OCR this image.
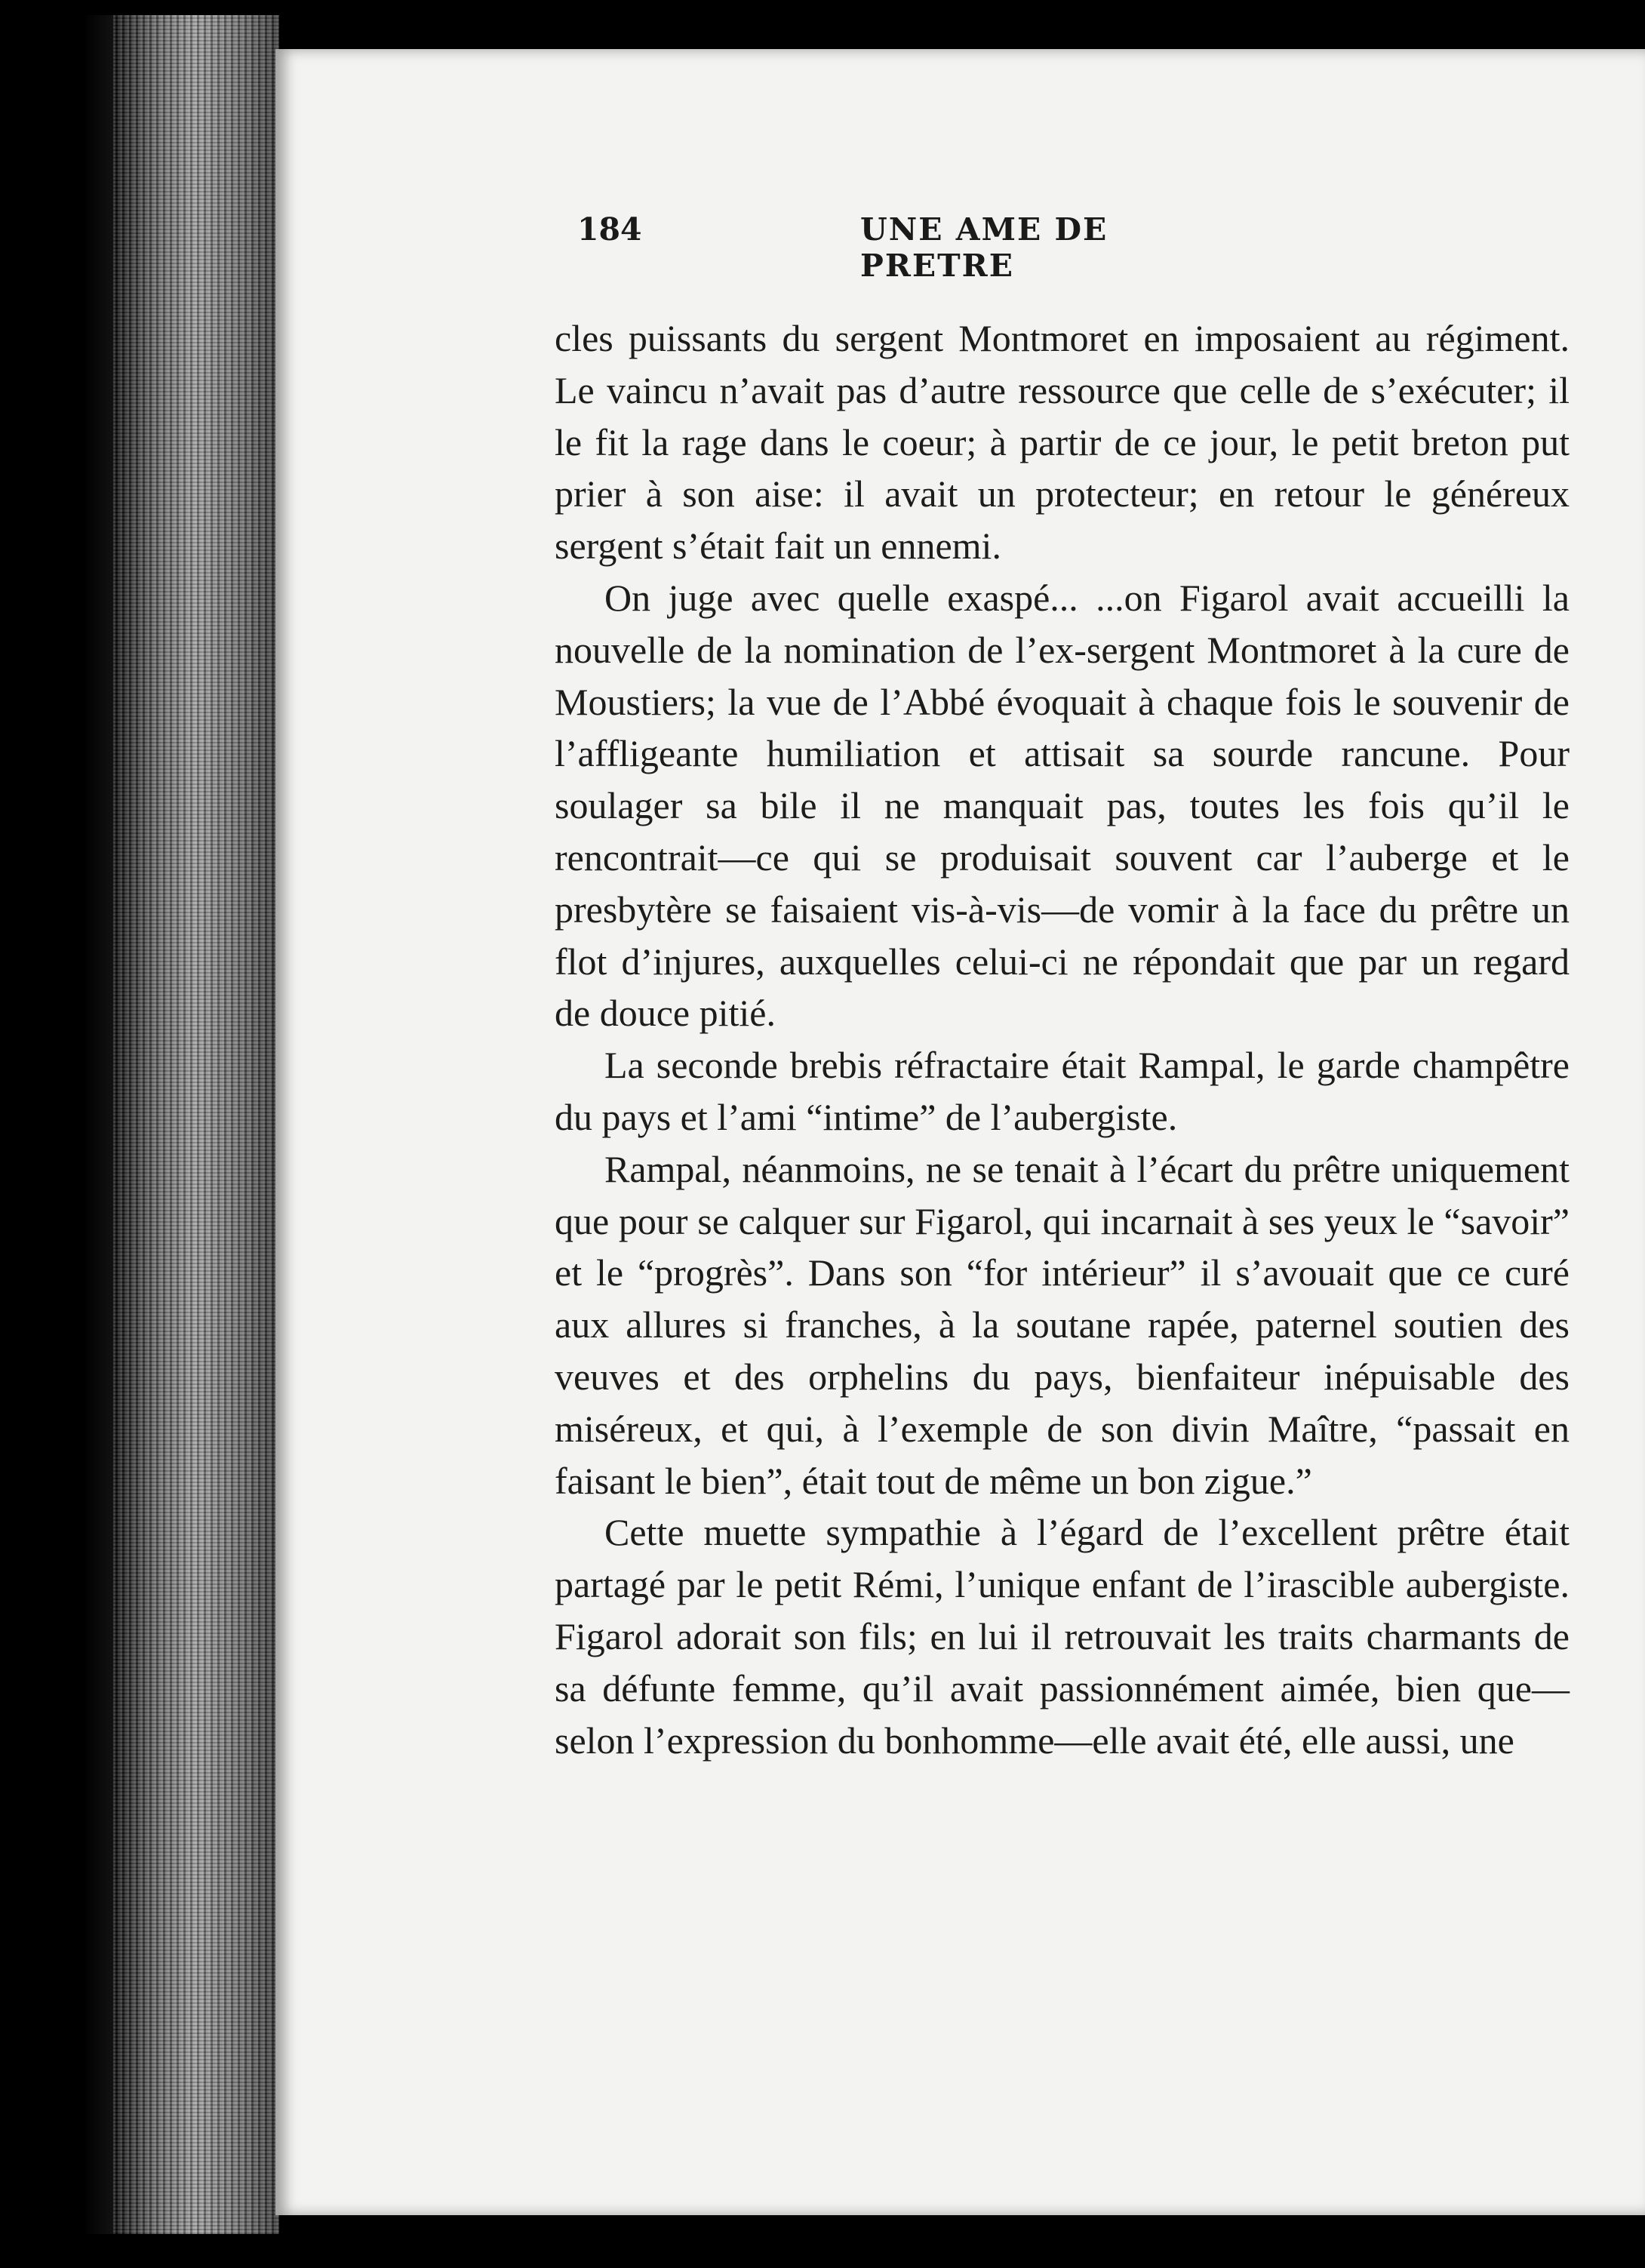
184	UNE AME DE PRETRE

cles puissants du sergent Montmoret en imposaient au régiment. Le vaincu n’avait pas d’autre ressource que celle de s’exécuter; il le fit la rage dans le coeur; à partir de ce jour, le petit breton put prier à son aise: il avait un protecteur; en retour le généreux sergent s’était fait un ennemi.

On juge avec quelle exaspé... ...on Figarol avait accueilli la nouvelle de la nomination de l’ex-sergent Montmoret à la cure de Moustiers; la vue de l’Abbé évoquait à chaque fois le souvenir de l’affligeante humiliation et attisait sa sourde rancune. Pour soulager sa bile il ne manquait pas, toutes les fois qu’il le rencontrait—ce qui se produisait souvent car l’auberge et le presbytère se faisaient vis-à-vis—de vomir à la face du prêtre un flot d’injures, auxquelles celui-ci ne répondait que par un regard de douce pitié.

La seconde brebis réfractaire était Rampal, le garde champêtre du pays et l’ami “intime” de l’aubergiste.

Rampal, néanmoins, ne se tenait à l’écart du prêtre uniquement que pour se calquer sur Figarol, qui incarnait à ses yeux le “savoir” et le “progrès”. Dans son “for intérieur” il s’avouait que ce curé aux allures si franches, à la soutane rapée, paternel soutien des veuves et des orphelins du pays, bienfaiteur inépuisable des miséreux, et qui, à l’exemple de son divin Maître, “passait en faisant le bien”, était tout de même un bon zigue.”

Cette muette sympathie à l’égard de l’excellent prêtre était partagé par le petit Rémi, l’unique enfant de l’irascible aubergiste. Figarol adorait son fils; en lui il retrouvait les traits charmants de sa défunte femme, qu’il avait passionnément aimée, bien que—selon l’expression du bonhomme—elle avait été, elle aussi, une
